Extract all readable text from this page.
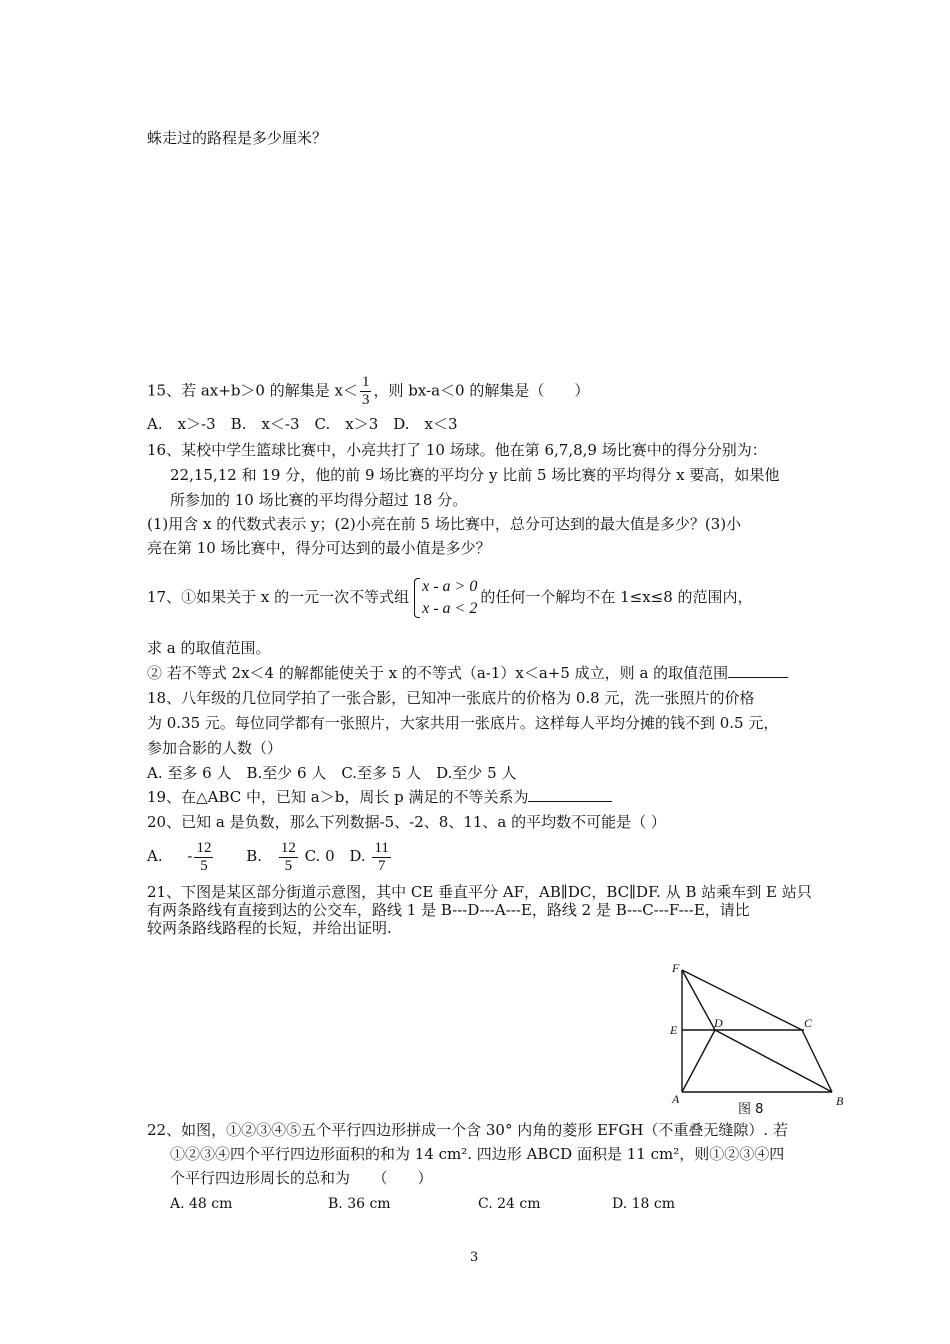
蛛走过的路程是多少厘米？
15、若 ax+b＞0 的解集是 $x< \frac{1}{3}$ ，则 bx-a＜0 的解集是（　　）
A.　x＞-3　B.　x＜-3　C.　x＞3　D.　x＜3
16、某校中学生篮球比赛中，小亮共打了 10 场球。他在第 6,7,8,9 场比赛中的得分分别为：
22,15,12 和 19 分，他的前 9 场比赛的平均分 y 比前 5 场比赛的平均得分 x 要高，如果他
所参加的 10 场比赛的平均得分超过 18 分。
(1)用含 x 的代数式表示 y；(2)小亮在前 5 场比赛中，总分可达到的最大值是多少？(3)小
亮在第 10 场比赛中，得分可达到的最小值是多少？
17、①如果关于 x 的一元一次不等式组
x - a > 0
x - a < 2
的任何一个解均不在 1≤x≤8 的范围内，
求 a 的取值范围。
② 若不等式 2x＜4 的解都能使关于 x 的不等式（a-1）x＜a+5 成立，则 a 的取值范围
18、八年级的几位同学拍了一张合影，已知冲一张底片的价格为 0.8 元，洗一张照片的价格
为 0.35 元。每位同学都有一张照片，大家共用一张底片。这样每人平均分摊的钱不到 0.5 元，
参加合影的人数（）
A. 至多 6 人　B.至少 6 人　C.至多 5 人　D.至少 5 人
19、在△ABC 中，已知 a＞b，周长 p 满足的不等关系为
20、已知 a 是负数，那么下列数据-5、-2、8、11、a 的平均数不可能是（ ）
A. - $\frac{12}{5} B$. $\frac{12}{5} C$. 0 D. $\frac{11}{7}$
21、下图是某区部分街道示意图，其中 CE 垂直平分 AF，AB∥DC，BC∥DF. 从 B 站乘车到 E 站只
有两条路线有直接到达的公交车，路线 1 是 B---D---A---E，路线 2 是 B---C---F---E，请比
较两条路线路程的长短，并给出证明.
F
E	D	C
A	B
图 8
22、如图，①②③④⑤五个平行四边形拼成一个含 30° 内角的菱形 EFGH（不重叠无缝隙）. 若
①②③④四个平行四边形面积的和为 14 cm². 四边形 ABCD 面积是 11 cm²，则①②③④四
个平行四边形周长的总和为　　（　　）
A. 48 cm	B. 36 cm	C. 24 cm	D. 18 cm
3
